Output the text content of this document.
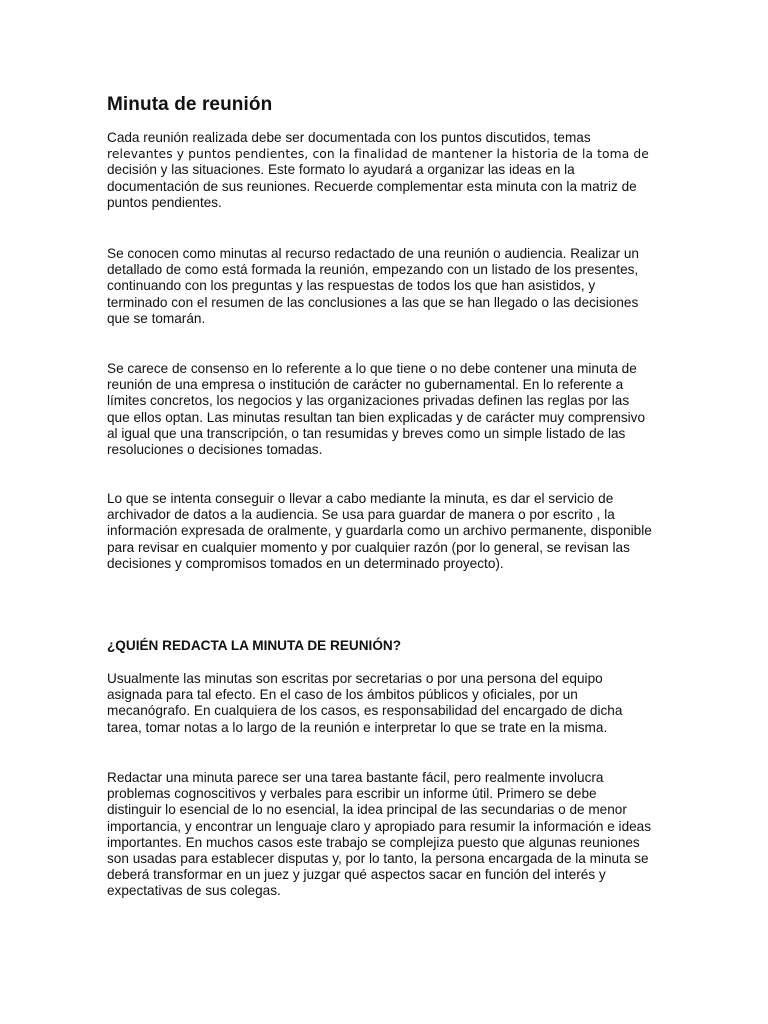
Minuta de reunión

Cada reunión realizada debe ser documentada con los puntos discutidos, temas
relevantes y puntos pendientes, con la finalidad de mantener la historia de la toma de
decisión y las situaciones. Este formato lo ayudará a organizar las ideas en la
documentación de sus reuniones. Recuerde complementar esta minuta con la matriz de
puntos pendientes.

Se conocen como minutas al recurso redactado de una reunión o audiencia. Realizar un
detallado de como está formada la reunión, empezando con un listado de los presentes,
continuando con los preguntas y las respuestas de todos los que han asistidos, y
terminado con el resumen de las conclusiones a las que se han llegado o las decisiones
que se tomarán.

Se carece de consenso en lo referente a lo que tiene o no debe contener una minuta de
reunión de una empresa o institución de carácter no gubernamental. En lo referente a
límites concretos, los negocios y las organizaciones privadas definen las reglas por las
que ellos optan. Las minutas resultan tan bien explicadas y de carácter muy comprensivo
al igual que una transcripción, o tan resumidas y breves como un simple listado de las
resoluciones o decisiones tomadas.

Lo que se intenta conseguir o llevar a cabo mediante la minuta, es dar el servicio de
archivador de datos a la audiencia. Se usa para guardar de manera o por escrito , la
información expresada de oralmente, y guardarla como un archivo permanente, disponible
para revisar en cualquier momento y por cualquier razón (por lo general, se revisan las
decisiones y compromisos tomados en un determinado proyecto).

¿QUIÉN REDACTA LA MINUTA DE REUNIÓN?

Usualmente las minutas son escritas por secretarias o por una persona del equipo
asignada para tal efecto. En el caso de los ámbitos públicos y oficiales, por un
mecanógrafo. En cualquiera de los casos, es responsabilidad del encargado de dicha
tarea, tomar notas a lo largo de la reunión e interpretar lo que se trate en la misma.

Redactar una minuta parece ser una tarea bastante fácil, pero realmente involucra
problemas cognoscitivos y verbales para escribir un informe útil. Primero se debe
distinguir lo esencial de lo no esencial, la idea principal de las secundarias o de menor
importancia, y encontrar un lenguaje claro y apropiado para resumir la información e ideas
importantes. En muchos casos este trabajo se complejiza puesto que algunas reuniones
son usadas para establecer disputas y, por lo tanto, la persona encargada de la minuta se
deberá transformar en un juez y juzgar qué aspectos sacar en función del interés y
expectativas de sus colegas.
